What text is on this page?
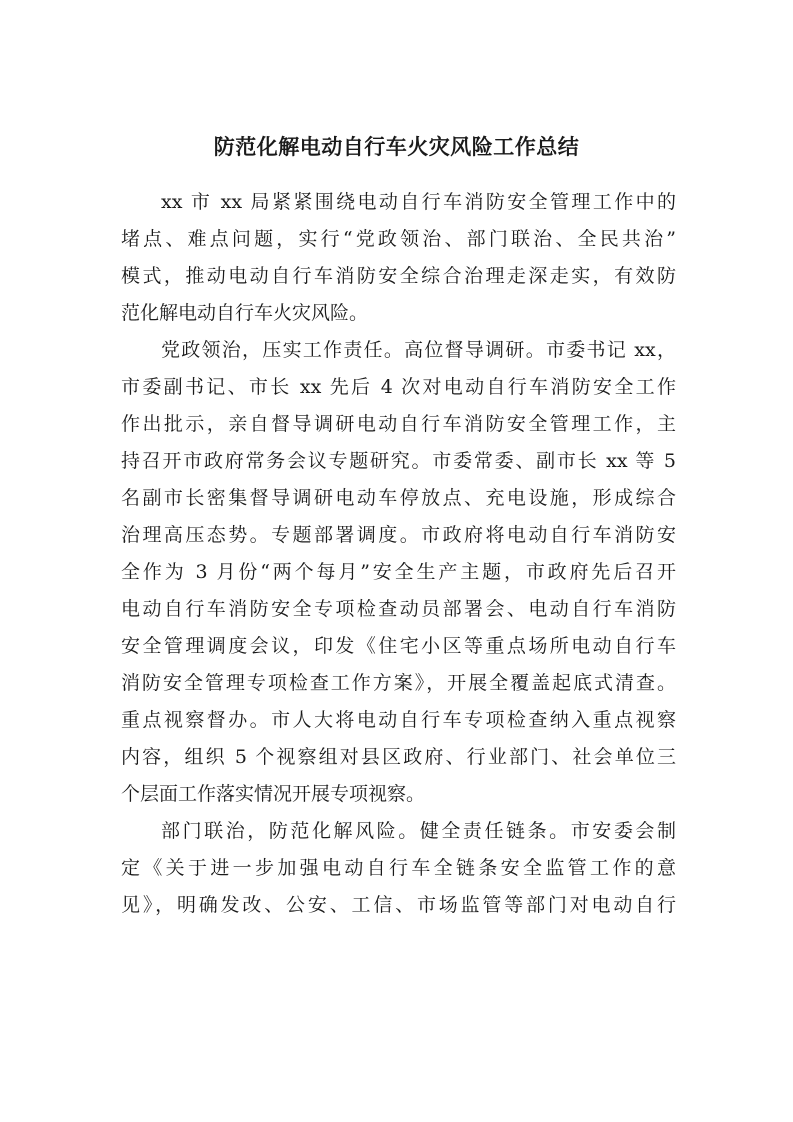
防范化解电动自行车火灾风险工作总结
xx 市 xx 局紧紧围绕电动自行车消防安全管理工作中的
堵点、难点问题，实行“党政领治、部门联治、全民共治”
模式，推动电动自行车消防安全综合治理走深走实，有效防
范化解电动自行车火灾风险。
党政领治，压实工作责任。高位督导调研。市委书记 xx，
市委副书记、市长 xx 先后 4 次对电动自行车消防安全工作
作出批示，亲自督导调研电动自行车消防安全管理工作，主
持召开市政府常务会议专题研究。市委常委、副市长 xx 等 5
名副市长密集督导调研电动车停放点、充电设施，形成综合
治理高压态势。专题部署调度。市政府将电动自行车消防安
全作为 3 月份“两个每月”安全生产主题，市政府先后召开
电动自行车消防安全专项检查动员部署会、电动自行车消防
安全管理调度会议，印发《住宅小区等重点场所电动自行车
消防安全管理专项检查工作方案》，开展全覆盖起底式清查。
重点视察督办。市人大将电动自行车专项检查纳入重点视察
内容，组织 5 个视察组对县区政府、行业部门、社会单位三
个层面工作落实情况开展专项视察。
部门联治，防范化解风险。健全责任链条。市安委会制
定《关于进一步加强电动自行车全链条安全监管工作的意
见》，明确发改、公安、工信、市场监管等部门对电动自行
